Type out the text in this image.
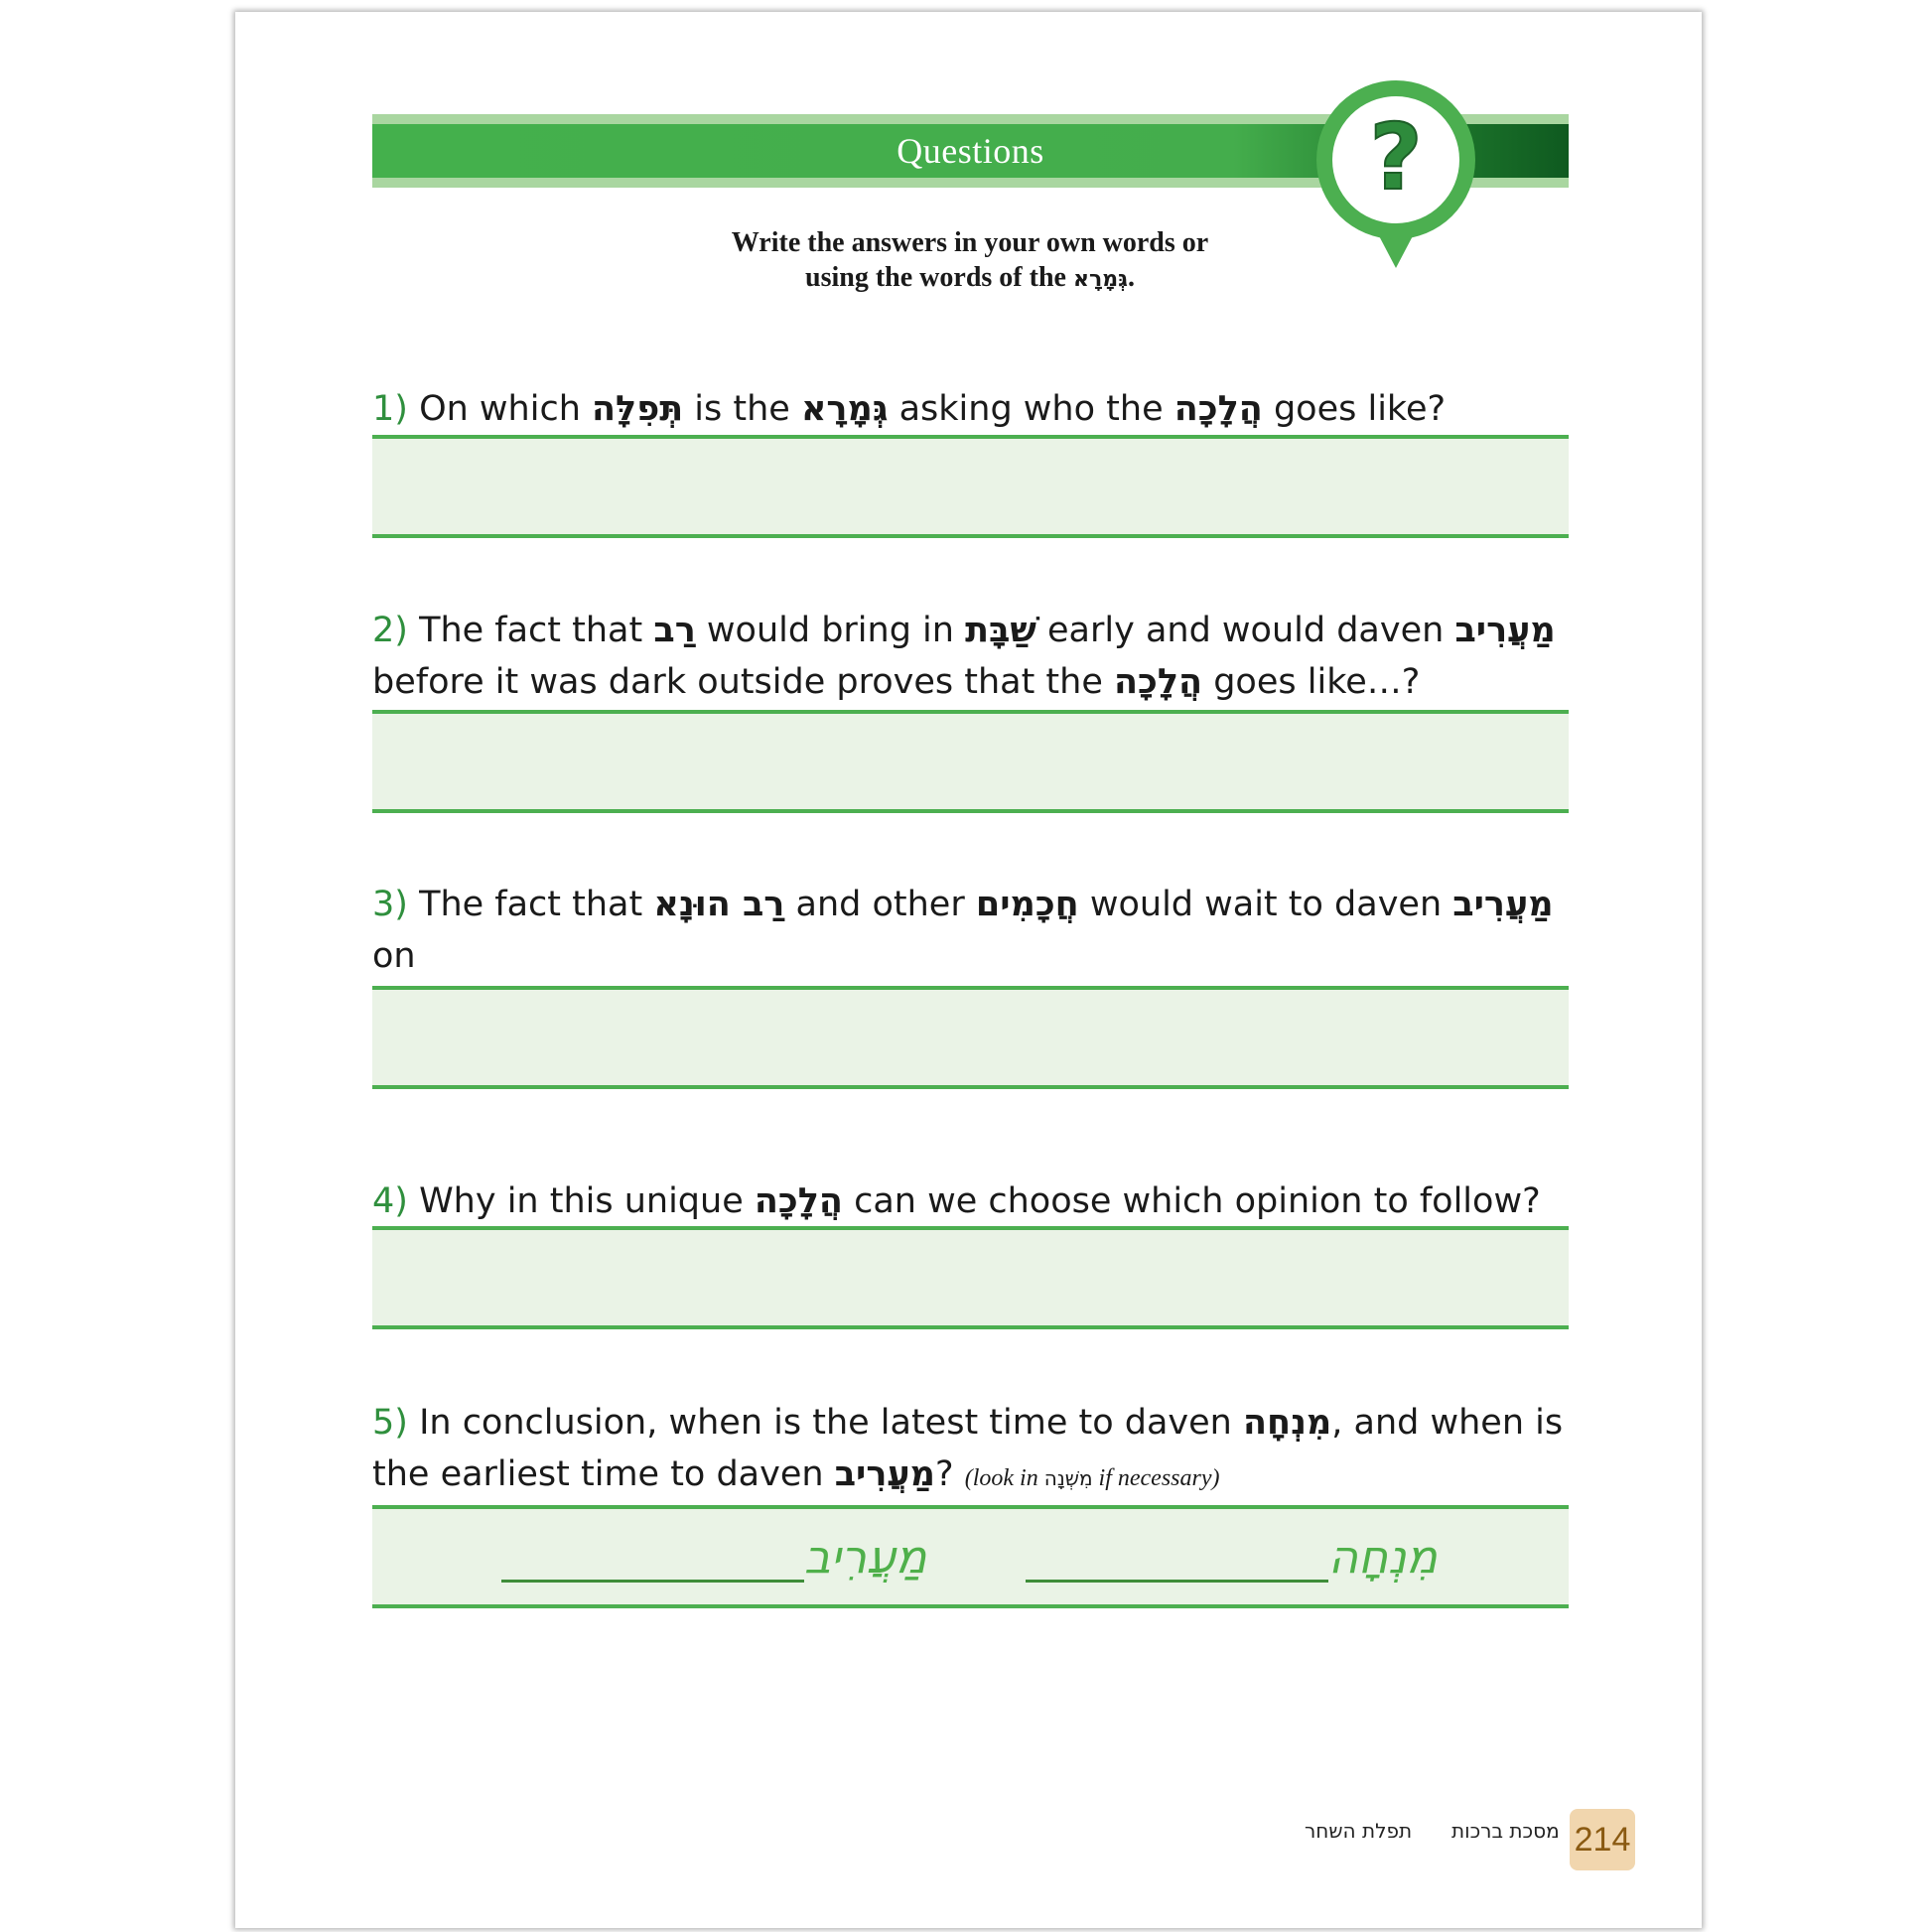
Questions	?
Write the answers in your own words or
using the words of the גְּמָרָא.
1) On which תְּפִלָּה is the גְּמָרָא asking who the הֲלָכָה goes like?
2) The fact that רַב would bring in שַׁבָּת early and would daven מַעֲרִיב
before it was dark outside proves that the הֲלָכָה goes like…?
3) The fact that רַב הוּנָא and other חֲכָמִים would wait to daven מַעֲרִיב on
4) Why in this unique הֲלָכָה can we choose which opinion to follow?
5) In conclusion, when is the latest time to daven מִנְחָה, and when is
the earliest time to daven מַעֲרִיב? (look in מִשְׁנָה if necessary)
מַעֲרִיב	מִנְחָה
תפלת השחר מסכת ברכות 214
